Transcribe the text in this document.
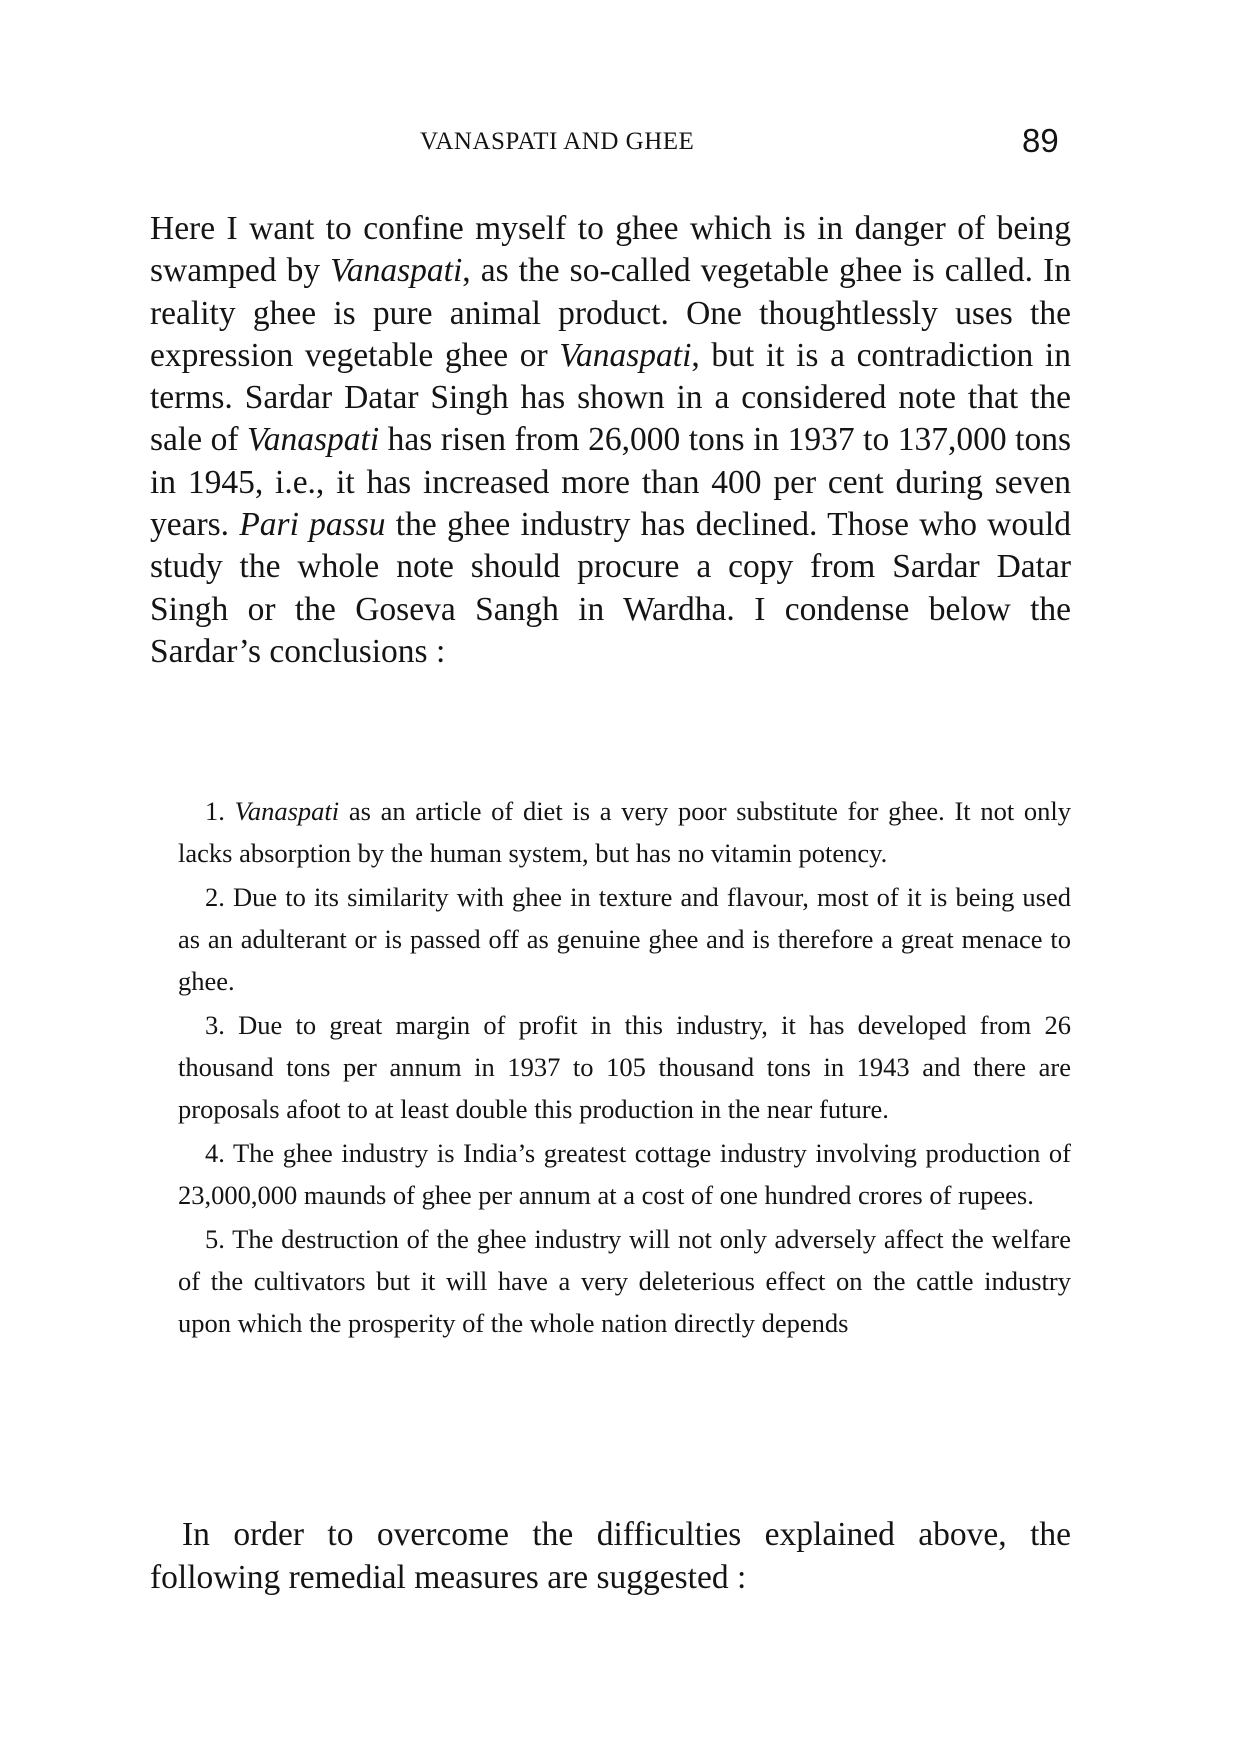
VANASPATI AND GHEE	89

Here I want to confine myself to ghee which is in danger of being swamped by Vanaspati, as the so-called vegetable ghee is called. In reality ghee is pure animal product. One thoughtlessly uses the expression vegetable ghee or Vanaspati, but it is a contradiction in terms. Sardar Datar Singh has shown in a considered note that the sale of Vanaspati has risen from 26,000 tons in 1937 to 137,000 tons in 1945, i.e., it has increased more than 400 per cent during seven years. Pari passu the ghee industry has declined. Those who would study the whole note should procure a copy from Sardar Datar Singh or the Goseva Sangh in Wardha. I condense below the Sardar’s conclusions :

1. Vanaspati as an article of diet is a very poor substitute for ghee. It not only lacks absorption by the human system, but has no vitamin potency.
2. Due to its similarity with ghee in texture and flavour, most of it is being used as an adulterant or is passed off as genuine ghee and is therefore a great menace to ghee.
3. Due to great margin of profit in this industry, it has developed from 26 thousand tons per annum in 1937 to 105 thousand tons in 1943 and there are proposals afoot to at least double this production in the near future.
4. The ghee industry is India’s greatest cottage industry involving production of 23,000,000 maunds of ghee per annum at a cost of one hundred crores of rupees.
5. The destruction of the ghee industry will not only adversely affect the welfare of the cultivators but it will have a very deleterious effect on the cattle industry upon which the prosperity of the whole nation directly depends

In order to overcome the difficulties explained above, the following remedial measures are suggested :
